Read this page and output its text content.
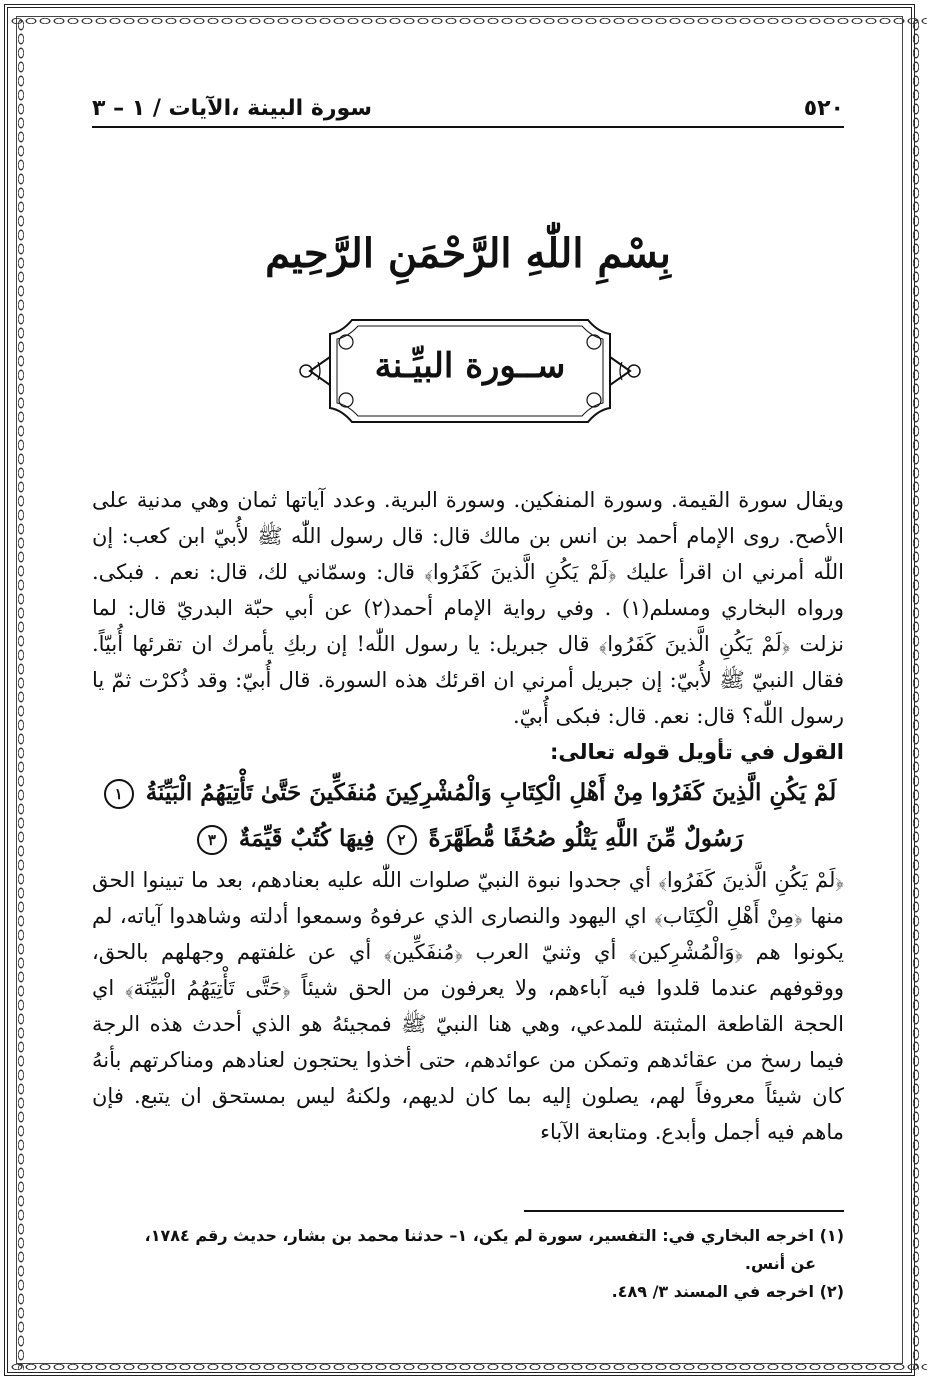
٥٢٠
سورة البينة ،الآيات / ١ – ٣
بِسْمِ اللّٰهِ الرَّحْمَنِ الرَّحِيم
ســورة البيِّـنة

ويقال سورة القيمة. وسورة المنفكين. وسورة البرية. وعدد آياتها ثمان وهي مدنية على الأصح. روى الإمام أحمد بن انس بن مالك قال: قال رسول اللّٰه ﷺ لأُبيّ ابن كعب: إن اللّٰه أمرني ان اقرأ عليك ﴿لَمْ يَكُنِ الَّذينَ كَفَرُوا﴾ قال: وسمّاني لك، قال: نعم . فبكى. ورواه البخاري ومسلم(١) . وفي رواية الإمام أحمد(٢) عن أبي حبّة البدريّ قال: لما نزلت ﴿لَمْ يَكُنِ الَّذينَ كَفَرُوا﴾ قال جبريل: يا رسول اللّٰه! إن ربكِ يأمرك ان تقرئها أُبيّاً. فقال النبيّ ﷺ لأُبيّ: إن جبريل أمرني ان اقرئك هذه السورة. قال أُبيّ: وقد ذُكرْت ثمّ يا رسول اللّٰه؟ قال: نعم. قال: فبكى أُبيّ.

القول في تأويل قوله تعالى:

لَمْ يَكُنِ الَّذِينَ كَفَرُوا مِنْ أَهْلِ الْكِتَابِ وَالْمُشْرِكِينَ مُنفَكِّينَ حَتَّىٰ تَأْتِيَهُمُ الْبَيِّنَةُ ١
رَسُولٌ مِّنَ اللَّهِ يَتْلُو صُحُفًا مُّطَهَّرَةً ٢ فِيهَا كُتُبٌ قَيِّمَةٌ ٣

﴿لَمْ يَكُنِ الَّذينَ كَفَرُوا﴾ أي جحدوا نبوة النبيّ صلوات اللّٰه عليه بعنادهم، بعد ما تبينوا الحق منها ﴿مِنْ أَهْلِ الْكِتَاب﴾ اي اليهود والنصارى الذي عرفوهُ وسمعوا أدلته وشاهدوا آياته، لم يكونوا هم ﴿وَالْمُشْرِكين﴾ أي وثنيّ العرب ﴿مُنفَكِّين﴾ أي عن غلفتهم وجهلهم بالحق، ووقوفهم عندما قلدوا فيه آباءهم، ولا يعرفون من الحق شيئاً ﴿حَتَّى تَأْتِيَهُمُ الْبَيِّنَة﴾ اي الحجة القاطعة المثبتة للمدعي، وهي هنا النبيّ ﷺ فمجيئهُ هو الذي أحدث هذه الرجة فيما رسخ من عقائدهم وتمكن من عوائدهم، حتى أخذوا يحتجون لعنادهم ومناكرتهم بأنهُ كان شيئاً معروفاً لهم، يصلون إليه بما كان لديهم، ولكنهُ ليس بمستحق ان يتبع. فإن ماهم فيه أجمل وأبدع. ومتابعة الآباء

(١) اخرجه البخاري في: التفسير، سورة لم يكن، ١– حدثنا محمد بن بشار، حديث رقم ١٧٨٤،

عن أنس.

(٢) اخرجه في المسند ٣/ ٤٨٩.
